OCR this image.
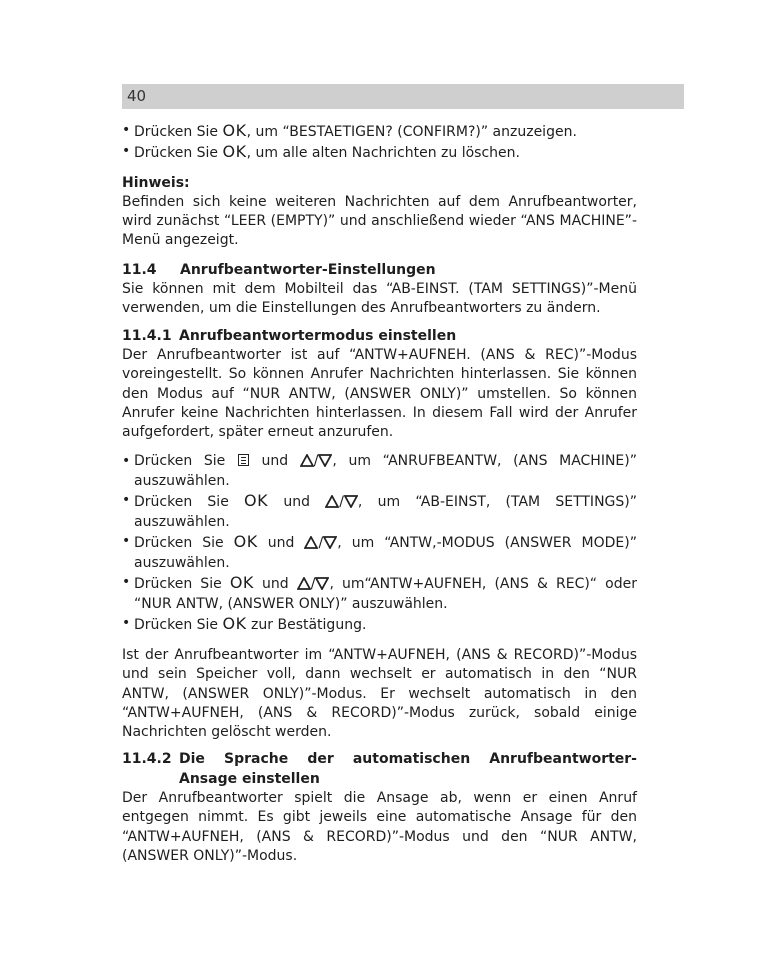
40
• Drücken Sie OK, um “BESTAETIGEN? (CONFIRM?)” anzuzeigen.
• Drücken Sie OK, um alle alten Nachrichten zu löschen.
Hinweis:

Befinden sich keine weiteren Nachrichten auf dem Anrufbeantworter, wird zunächst “LEER (EMPTY)” und anschließend wieder “ANS MACHINE”-Menü angezeigt.

11.4	Anrufbeantworter-Einstellungen

Sie können mit dem Mobilteil das “AB-EINST. (TAM SETTINGS)”-Menü verwenden, um die Einstellungen des Anrufbeantworters zu ändern.

11.4.1 Anrufbeantwortermodus einstellen

Der Anrufbeantworter ist auf “ANTW+AUFNEH. (ANS & REC)”-Modus voreingestellt. So können Anrufer Nachrichten hinterlassen. Sie können den Modus auf “NUR ANTW, (ANSWER ONLY)” umstellen. So können Anrufer keine Nachrichten hinterlassen. In diesem Fall wird der Anrufer aufgefordert, später erneut anzurufen.

• Drücken Sie  und / , um “ANRUFBEANTW, (ANS MACHINE)” auszuwählen.
• Drücken Sie OK und / , um “AB-EINST, (TAM SETTINGS)” auszuwählen.
• Drücken Sie OK und / , um “ANTW,-MODUS (ANSWER MODE)” auszuwählen.
• Drücken Sie OK und / , um“ANTW+AUFNEH, (ANS & REC)“ oder “NUR ANTW, (ANSWER ONLY)” auszuwählen.
• Drücken Sie OK zur Bestätigung.

Ist der Anrufbeantworter im “ANTW+AUFNEH, (ANS & RECORD)”-Modus und sein Speicher voll, dann wechselt er automatisch in den “NUR ANTW, (ANSWER ONLY)”-Modus. Er wechselt automatisch in den “ANTW+AUFNEH, (ANS & RECORD)”-Modus zurück, sobald einige Nachrichten gelöscht werden.

11.4.2 Die Sprache der automatischen Anrufbeantworter-Ansage einstellen

Der Anrufbeantworter spielt die Ansage ab, wenn er einen Anruf entgegen nimmt. Es gibt jeweils eine automatische Ansage für den “ANTW+AUFNEH, (ANS & RECORD)”-Modus und den “NUR ANTW, (ANSWER ONLY)”-Modus.
